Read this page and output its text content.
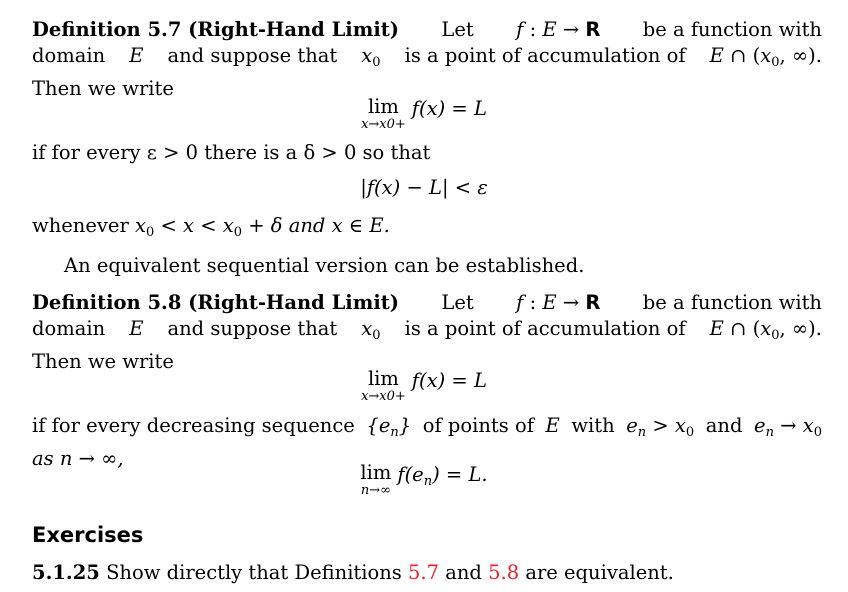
Definition 5.7 (Right-Hand Limit) Let f : E → R be a function with
domain E and suppose that $x_0$ is a point of accumulation of E ∩ ($x_0$, ∞).
Then we write
lim
x→x0+
f(x) = L
if for every ε > 0 there is a δ > 0 so that
|f(x) − L| < ε
whenever $x_0 < x < x_0 + \delta$ and x ∈ E.
An equivalent sequential version can be established.
Definition 5.8 (Right-Hand Limit) Let f : E → R be a function with
domain E and suppose that $x_0$ is a point of accumulation of E ∩ ($x_0$, ∞).
Then we write
lim
x→x0+
f(x) = L
if for every decreasing sequence $\{e_n\}$ of points of E with $e_n > x_0$ and $e_n \to x_0$
as n → ∞,
lim
n→∞
$f(e_n) = L$.
Exercises
5.1.25 Show directly that Definitions 5.7 and 5.8 are equivalent.
